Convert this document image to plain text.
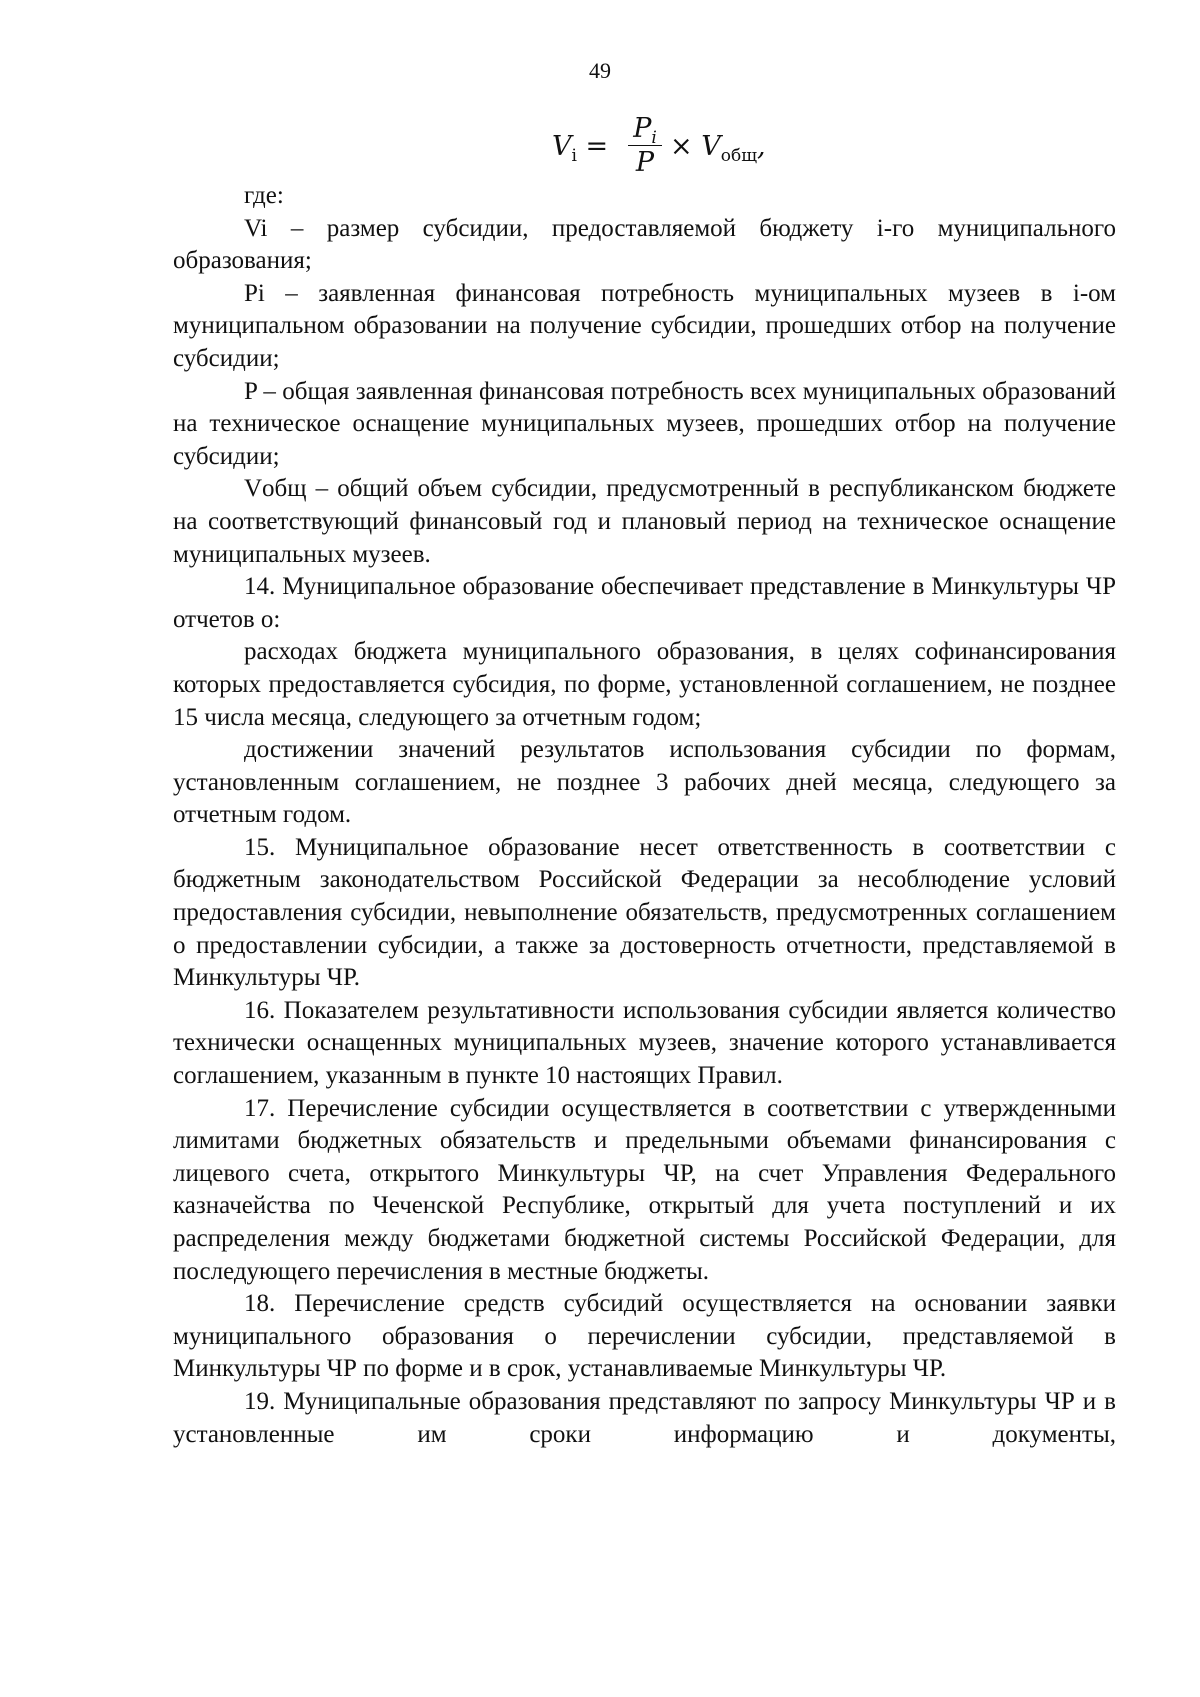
49
$V_i$ =
$P_i$
P
× $V_{общ}$,

где:

Vi – размер субсидии, предоставляемой бюджету i-го муниципального образования;

Pi – заявленная финансовая потребность муниципальных музеев в i-ом муниципальном образовании на получение субсидии, прошедших отбор на получение субсидии;

P – общая заявленная финансовая потребность всех муниципальных образований на техническое оснащение муниципальных музеев, прошедших отбор на получение субсидии;

Vобщ – общий объем субсидии, предусмотренный в республиканском бюджете на соответствующий финансовый год и плановый период на техническое оснащение муниципальных музеев.

14. Муниципальное образование обеспечивает представление в Минкультуры ЧР отчетов о:

расходах бюджета муниципального образования, в целях софинансирования которых предоставляется субсидия, по форме, установленной соглашением, не позднее 15 числа месяца, следующего за отчетным годом;

достижении значений результатов использования субсидии по формам, установленным соглашением, не позднее 3 рабочих дней месяца, следующего за отчетным годом.

15. Муниципальное образование несет ответственность в соответствии с бюджетным законодательством Российской Федерации за несоблюдение условий предоставления субсидии, невыполнение обязательств, предусмотренных соглашением о предоставлении субсидии, а также за достоверность отчетности, представляемой в Минкультуры ЧР.

16. Показателем результативности использования субсидии является количество технически оснащенных муниципальных музеев, значение которого устанавливается соглашением, указанным в пункте 10 настоящих Правил.

17. Перечисление субсидии осуществляется в соответствии с утвержденными лимитами бюджетных обязательств и предельными объемами финансирования с лицевого счета, открытого Минкультуры ЧР, на счет Управления Федерального казначейства по Чеченской Республике, открытый для учета поступлений и их распределения между бюджетами бюджетной системы Российской Федерации, для последующего перечисления в местные бюджеты.

18. Перечисление средств субсидий осуществляется на основании заявки муниципального образования о перечислении субсидии, представляемой в Минкультуры ЧР по форме и в срок, устанавливаемые Минкультуры ЧР.

19. Муниципальные образования представляют по запросу Минкультуры ЧР и в установленные им сроки информацию и документы,
